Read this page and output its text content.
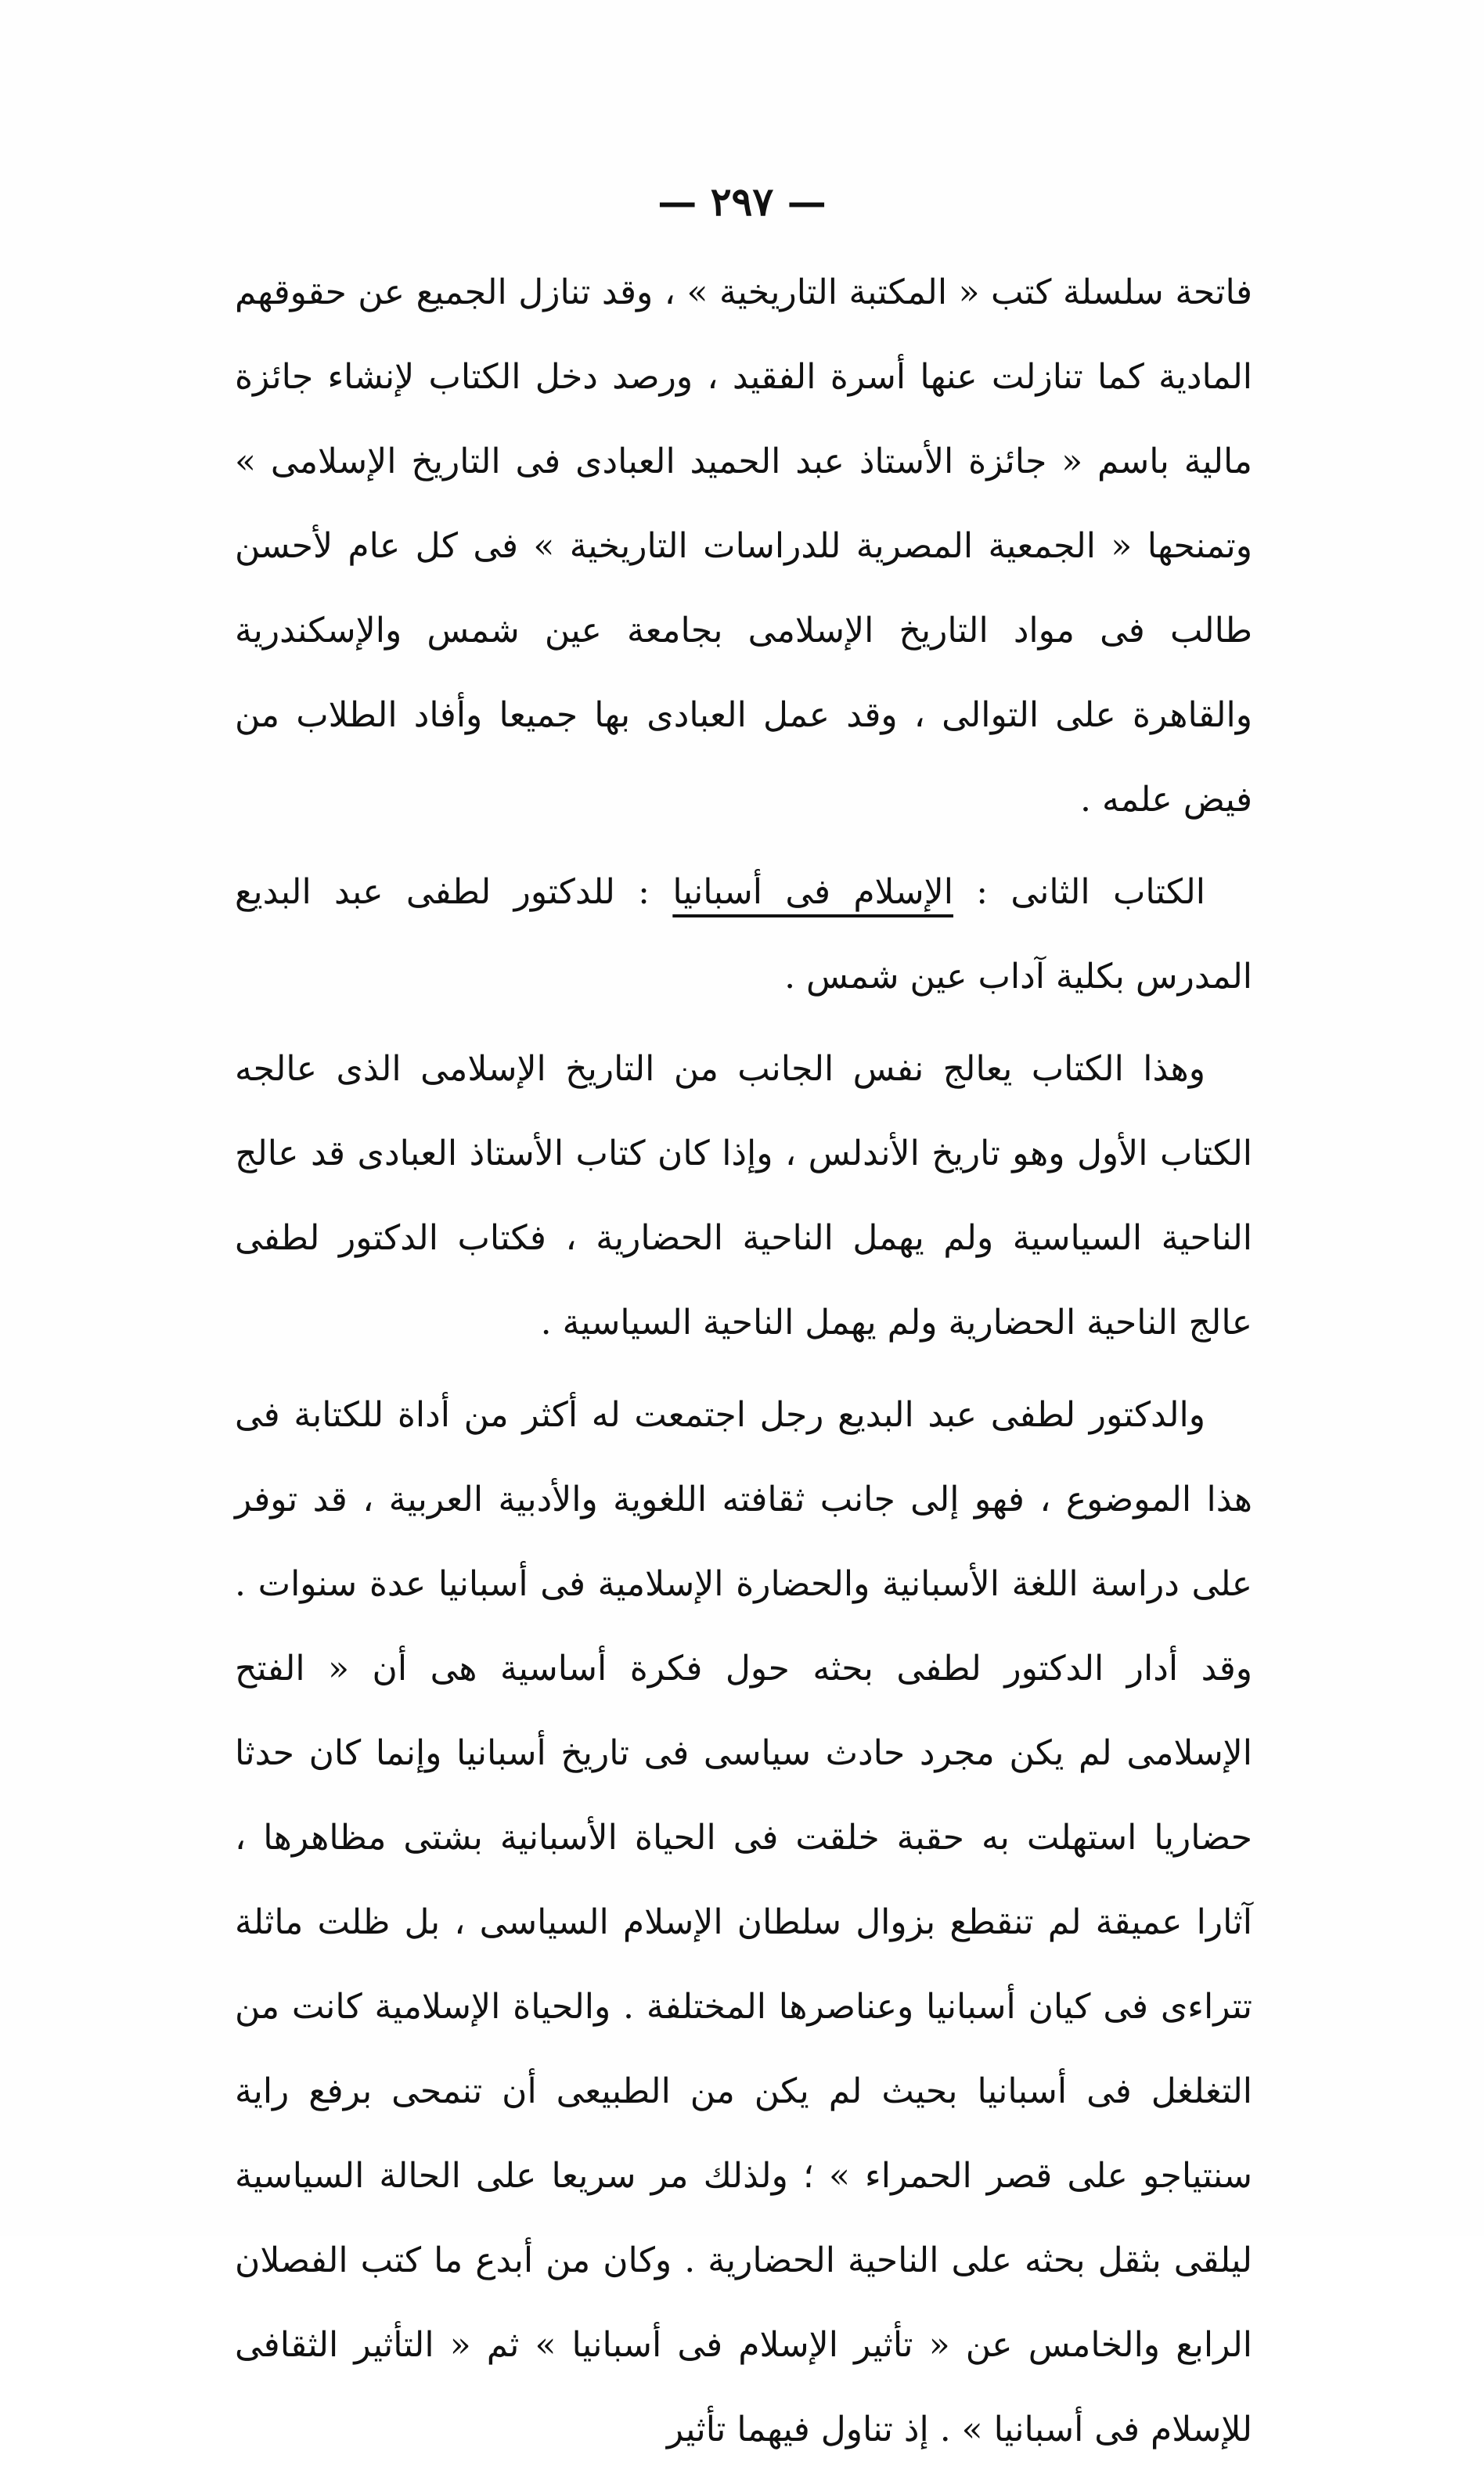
— ٢٩٧ —

فاتحة سلسلة كتب « المكتبة التاريخية » ، وقد تنازل الجميع عن حقوقهم المادية كما تنازلت عنها أسرة الفقيد ، ورصد دخل الكتاب لإنشاء جائزة مالية باسم « جائزة الأستاذ عبد الحميد العبادى فى التاريخ الإسلامى » وتمنحها « الجمعية المصرية للدراسات التاريخية » فى كل عام لأحسن طالب فى مواد التاريخ الإسلامى بجامعة عين شمس والإسكندرية والقاهرة على التوالى ، وقد عمل العبادى بها جميعا وأفاد الطلاب من فيض علمه .

الكتاب الثانى : الإسلام فى أسبانيا : للدكتور لطفى عبد البديع المدرس بكلية آداب عين شمس .

وهذا الكتاب يعالج نفس الجانب من التاريخ الإسلامى الذى عالجه الكتاب الأول وهو تاريخ الأندلس ، وإذا كان كتاب الأستاذ العبادى قد عالج الناحية السياسية ولم يهمل الناحية الحضارية ، فكتاب الدكتور لطفى عالج الناحية الحضارية ولم يهمل الناحية السياسية .

والدكتور لطفى عبد البديع رجل اجتمعت له أكثر من أداة للكتابة فى هذا الموضوع ، فهو إلى جانب ثقافته اللغوية والأدبية العربية ، قد توفر على دراسة اللغة الأسبانية والحضارة الإسلامية فى أسبانيا عدة سنوات . وقد أدار الدكتور لطفى بحثه حول فكرة أساسية هى أن « الفتح الإسلامى لم يكن مجرد حادث سياسى فى تاريخ أسبانيا وإنما كان حدثا حضاريا استهلت به حقبة خلقت فى الحياة الأسبانية بشتى مظاهرها ، آثارا عميقة لم تنقطع بزوال سلطان الإسلام السياسى ، بل ظلت ماثلة تتراءى فى كيان أسبانيا وعناصرها المختلفة . والحياة الإسلامية كانت من التغلغل فى أسبانيا بحيث لم يكن من الطبيعى أن تنمحى برفع راية سنتياجو على قصر الحمراء » ؛ ولذلك مر سريعا على الحالة السياسية ليلقى بثقل بحثه على الناحية الحضارية . وكان من أبدع ما كتب الفصلان الرابع والخامس عن « تأثير الإسلام فى أسبانيا » ثم « التأثير الثقافى للإسلام فى أسبانيا » . إذ تناول فيهما تأثير
